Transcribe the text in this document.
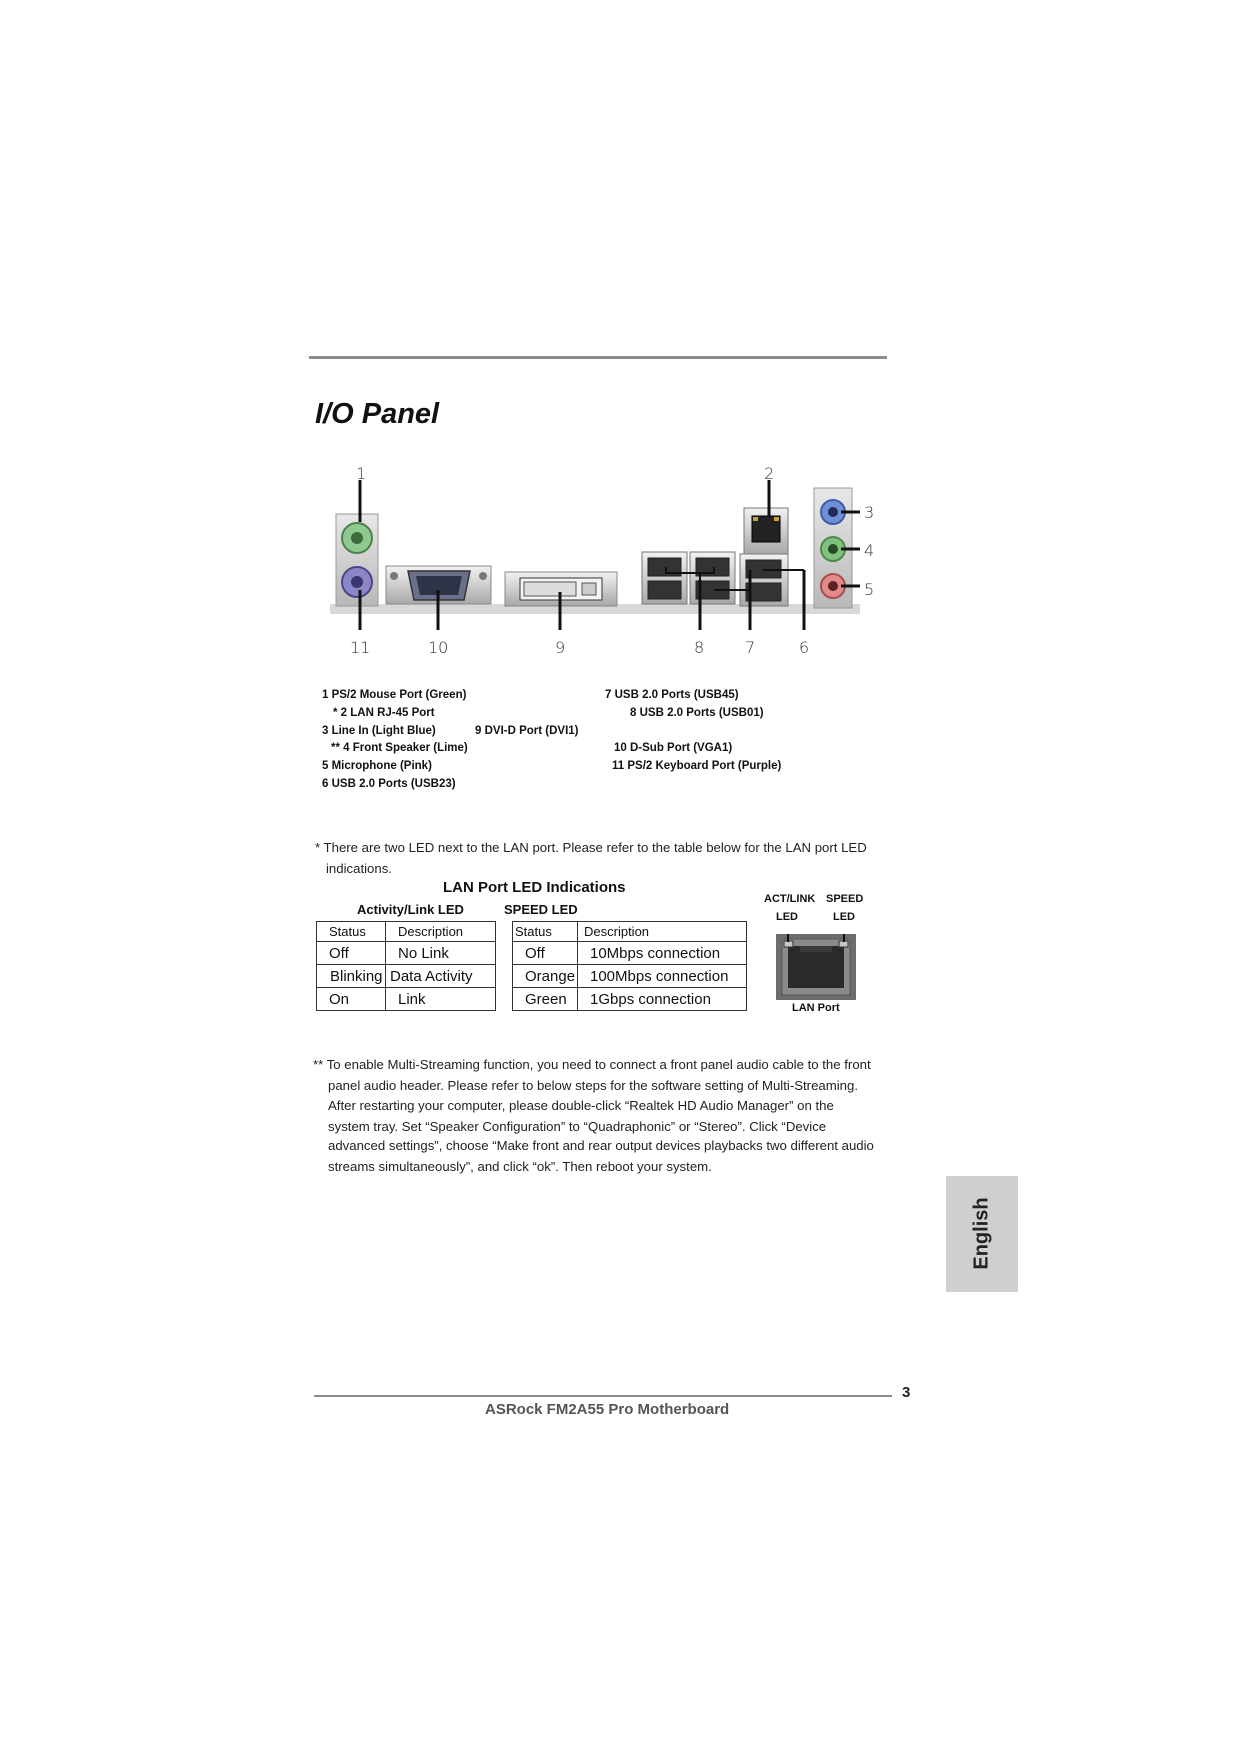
I/O Panel
1	2
3
4
5
11	10	9	8	7	6
1 PS/2 Mouse Port (Green)
* 2 LAN RJ-45 Port
3 Line In (Light Blue)
** 4 Front Speaker (Lime)
5 Microphone (Pink)
6 USB 2.0 Ports (USB23)
7 USB 2.0 Ports (USB45)
8 USB 2.0 Ports (USB01)
9 DVI-D Port (DVI1)
10 D-Sub Port (VGA1)
11 PS/2 Keyboard Port (Purple)
* There are two LED next to the LAN port. Please refer to the table below for the LAN port LED
indications.
LAN Port LED Indications
Activity/Link LED	SPEED LED
Status	Description
Off	No Link
Blinking	Data Activity
On	Link
Status	Description
Off	10Mbps connection
Orange	100Mbps connection
Green	1Gbps connection
ACT/LINK SPEED
LED	LED
LAN Port
** To enable Multi-Streaming function, you need to connect a front panel audio cable to the front
panel audio header. Please refer to below steps for the software setting of Multi-Streaming.
After restarting your computer, please double-click “Realtek HD Audio Manager” on the
system tray. Set “Speaker Configuration” to “Quadraphonic” or “Stereo”. Click “Device
advanced settings”, choose “Make front and rear output devices playbacks two different audio
streams simultaneously”, and click “ok”. Then reboot your system.
English
3
ASRock FM2A55 Pro Motherboard
